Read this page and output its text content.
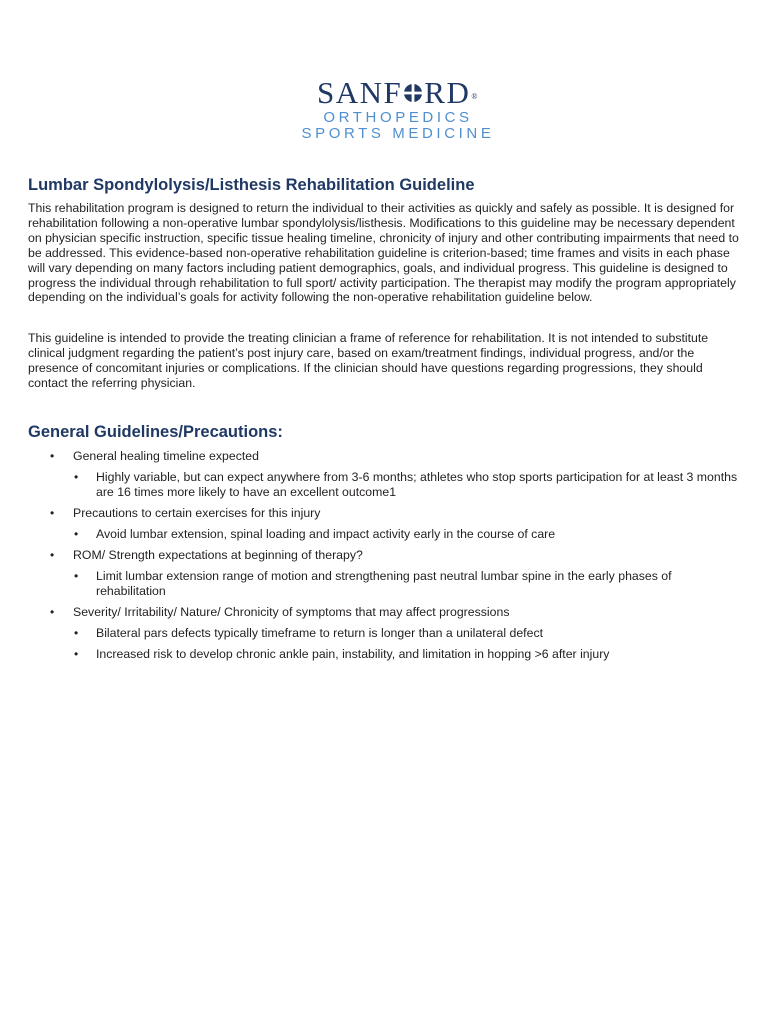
SANF RD®
ORTHOPEDICS
SPORTS MEDICINE
Lumbar Spondylolysis/Listhesis Rehabilitation Guideline

This rehabilitation program is designed to return the individual to their activities as quickly and safely as possible. It is designed for rehabilitation following a non-operative lumbar spondylolysis/listhesis. Modifications to this guideline may be necessary dependent on physician specific instruction, specific tissue healing timeline, chronicity of injury and other contributing impairments that need to be addressed. This evidence-based non-operative rehabilitation guideline is criterion-based; time frames and visits in each phase will vary depending on many factors including patient demographics, goals, and individual progress. This guideline is designed to progress the individual through rehabilitation to full sport/ activity participation. The therapist may modify the program appropriately depending on the individual’s goals for activity following the non-operative rehabilitation guideline below.

This guideline is intended to provide the treating clinician a frame of reference for rehabilitation. It is not intended to substitute clinical judgment regarding the patient’s post injury care, based on exam/treatment findings, individual progress, and/or the presence of concomitant injuries or complications. If the clinician should have questions regarding progressions, they should contact the referring physician.

General Guidelines/Precautions:
• General healing timeline expected
• Highly variable, but can expect anywhere from 3-6 months; athletes who stop sports participation for at least 3 months are 16 times more likely to have an excellent outcome1
• Precautions to certain exercises for this injury
• Avoid lumbar extension, spinal loading and impact activity early in the course of care
• ROM/ Strength expectations at beginning of therapy?
• Limit lumbar extension range of motion and strengthening past neutral lumbar spine in the early phases of rehabilitation
• Severity/ Irritability/ Nature/ Chronicity of symptoms that may affect progressions
• Bilateral pars defects typically timeframe to return is longer than a unilateral defect
• Increased risk to develop chronic ankle pain, instability, and limitation in hopping >6 after injury
